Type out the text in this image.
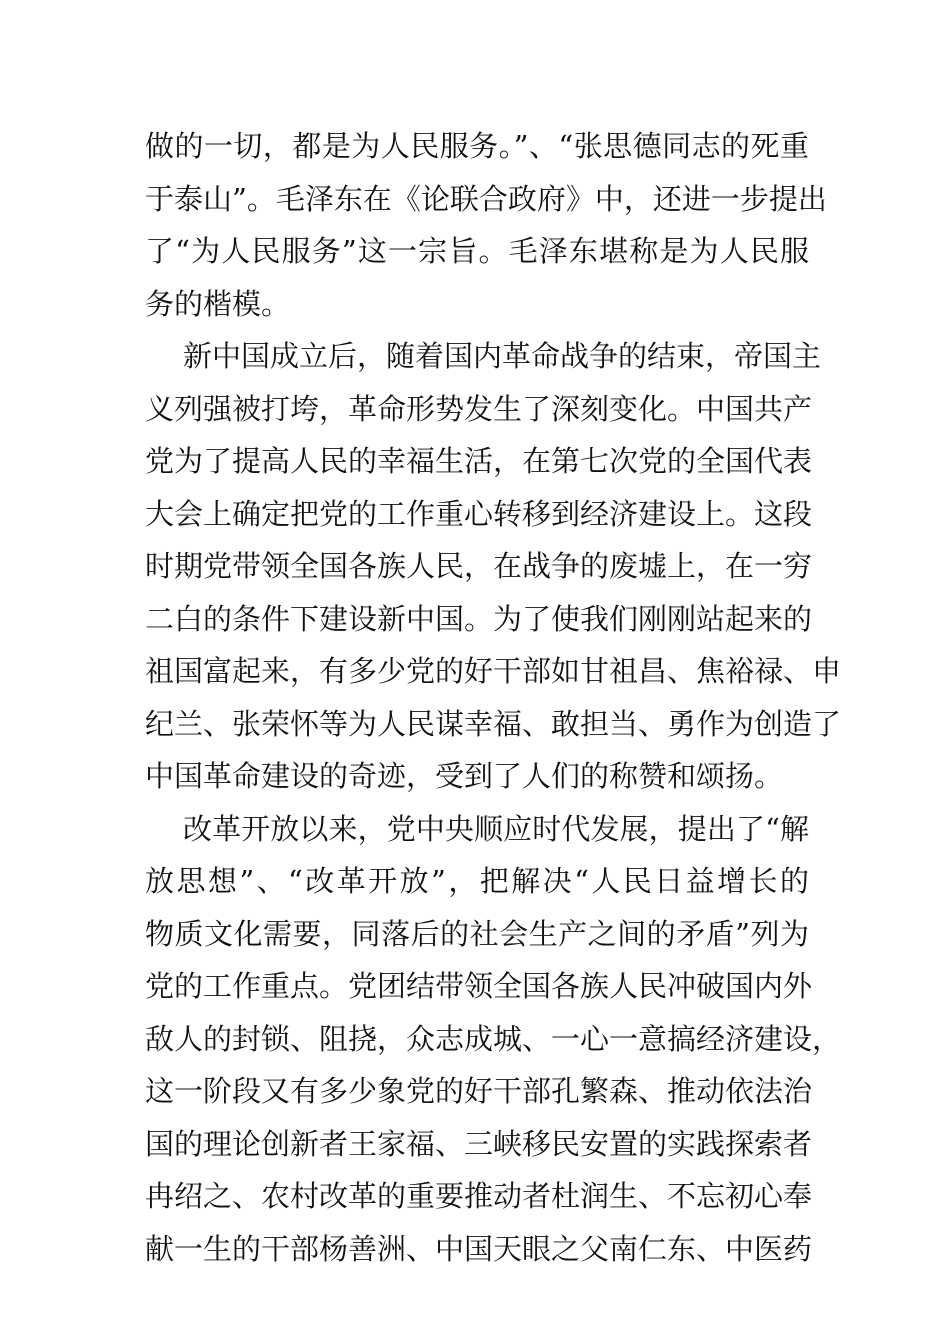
做的一切，都是为人民服务。”、“张思德同志的死重
于泰山”。毛泽东在《论联合政府》中，还进一步提出
了“为人民服务”这一宗旨。毛泽东堪称是为人民服
务的楷模。
新中国成立后，随着国内革命战争的结束，帝国主
义列强被打垮，革命形势发生了深刻变化。中国共产
党为了提高人民的幸福生活，在第七次党的全国代表
大会上确定把党的工作重心转移到经济建设上。这段
时期党带领全国各族人民，在战争的废墟上，在一穷
二白的条件下建设新中国。为了使我们刚刚站起来的
祖国富起来，有多少党的好干部如甘祖昌、焦裕禄、申
纪兰、张荣怀等为人民谋幸福、敢担当、勇作为创造了
中国革命建设的奇迹，受到了人们的称赞和颂扬。
改革开放以来，党中央顺应时代发展，提出了“解
放思想”、“改革开放”，把解决“人民日益增长的
物质文化需要，同落后的社会生产之间的矛盾”列为
党的工作重点。党团结带领全国各族人民冲破国内外
敌人的封锁、阻挠，众志成城、一心一意搞经济建设，
这一阶段又有多少象党的好干部孔繁森、推动依法治
国的理论创新者王家福、三峡移民安置的实践探索者
冉绍之、农村改革的重要推动者杜润生、不忘初心奉
献一生的干部杨善洲、中国天眼之父南仁东、中医药
